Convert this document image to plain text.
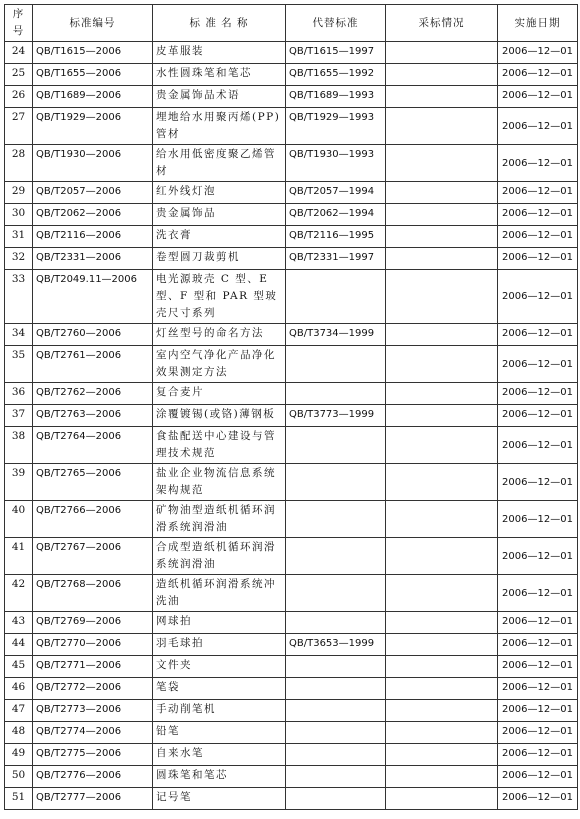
序号	标准编号	标 准 名 称	代替标准	采标情况	实施日期
24	QB/T1615—2006	皮革服装	QB/T1615—1997		2006—12—01
25	QB/T1655—2006	水性圆珠笔和笔芯	QB/T1655—1992		2006—12—01
26	QB/T1689—2006	贵金属饰品术语	QB/T1689—1993		2006—12—01
27	QB/T1929—2006	埋地给水用聚丙烯(PP)管材	QB/T1929—1993		2006—12—01
28	QB/T1930—2006	给水用低密度聚乙烯管材	QB/T1930—1993		2006—12—01
29	QB/T2057—2006	红外线灯泡	QB/T2057—1994		2006—12—01
30	QB/T2062—2006	贵金属饰品	QB/T2062—1994		2006—12—01
31	QB/T2116—2006	洗衣膏	QB/T2116—1995		2006—12—01
32	QB/T2331—2006	卷型圆刀裁剪机	QB/T2331—1997		2006—12—01
33	QB/T2049.11—2006	电光源玻壳 C 型、E 型、F 型和 PAR 型玻壳尺寸系列			2006—12—01
34	QB/T2760—2006	灯丝型号的命名方法	QB/T3734—1999		2006—12—01
35	QB/T2761—2006	室内空气净化产品净化效果测定方法			2006—12—01
36	QB/T2762—2006	复合麦片			2006—12—01
37	QB/T2763—2006	涂覆镀锡(或铬)薄钢板	QB/T3773—1999		2006—12—01
38	QB/T2764—2006	食盐配送中心建设与管理技术规范			2006—12—01
39	QB/T2765—2006	盐业企业物流信息系统架构规范			2006—12—01
40	QB/T2766—2006	矿物油型造纸机循环润滑系统润滑油			2006—12—01
41	QB/T2767—2006	合成型造纸机循环润滑系统润滑油			2006—12—01
42	QB/T2768—2006	造纸机循环润滑系统冲洗油			2006—12—01
43	QB/T2769—2006	网球拍			2006—12—01
44	QB/T2770—2006	羽毛球拍	QB/T3653—1999		2006—12—01
45	QB/T2771—2006	文件夹			2006—12—01
46	QB/T2772—2006	笔袋			2006—12—01
47	QB/T2773—2006	手动削笔机			2006—12—01
48	QB/T2774—2006	铅笔			2006—12—01
49	QB/T2775—2006	自来水笔			2006—12—01
50	QB/T2776—2006	圆珠笔和笔芯			2006—12—01
51	QB/T2777—2006	记号笔			2006—12—01
